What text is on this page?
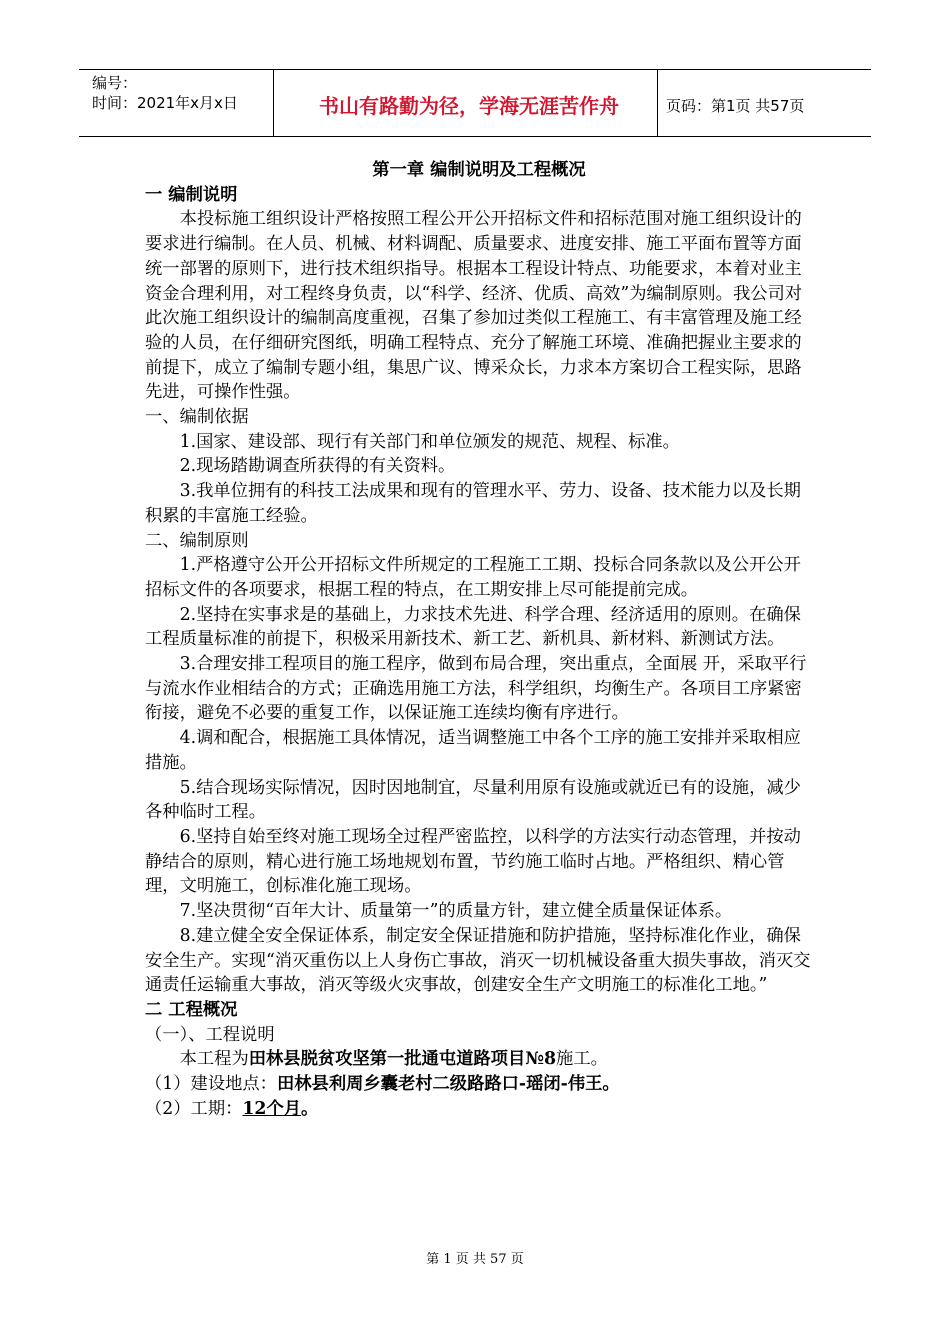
编号：
时间：2021年x月x日	书山有路勤为径，学海无涯苦作舟	页码：第1页 共57页

第一章 编制说明及工程概况

一 编制说明

本投标施工组织设计严格按照工程公开公开招标文件和招标范围对施工组织设计的要求进行编制。在人员、机械、材料调配、质量要求、进度安排、施工平面布置等方面统一部署的原则下，进行技术组织指导。根据本工程设计特点、功能要求，本着对业主资金合理利用，对工程终身负责，以“科学、经济、优质、高效”为编制原则。我公司对此次施工组织设计的编制高度重视，召集了参加过类似工程施工、有丰富管理及施工经验的人员，在仔细研究图纸，明确工程特点、充分了解施工环境、准确把握业主要求的前提下，成立了编制专题小组，集思广议、博采众长，力求本方案切合工程实际，思路先进，可操作性强。

一、编制依据

1.国家、建设部、现行有关部门和单位颁发的规范、规程、标准。

2.现场踏勘调查所获得的有关资料。

3.我单位拥有的科技工法成果和现有的管理水平、劳力、设备、技术能力以及长期积累的丰富施工经验。

二、编制原则

1.严格遵守公开公开招标文件所规定的工程施工工期、投标合同条款以及公开公开招标文件的各项要求，根据工程的特点，在工期安排上尽可能提前完成。

2.坚持在实事求是的基础上，力求技术先进、科学合理、经济适用的原则。在确保工程质量标准的前提下，积极采用新技术、新工艺、新机具、新材料、新测试方法。

3.合理安排工程项目的施工程序，做到布局合理，突出重点，全面展 开，采取平行与流水作业相结合的方式；正确选用施工方法，科学组织，均衡生产。各项目工序紧密衔接，避免不必要的重复工作，以保证施工连续均衡有序进行。

4.调和配合，根据施工具体情况，适当调整施工中各个工序的施工安排并采取相应措施。

5.结合现场实际情况，因时因地制宜，尽量利用原有设施或就近已有的设施，减少各种临时工程。

6.坚持自始至终对施工现场全过程严密监控，以科学的方法实行动态管理，并按动静结合的原则，精心进行施工场地规划布置，节约施工临时占地。严格组织、精心管理，文明施工，创标准化施工现场。

7.坚决贯彻“百年大计、质量第一”的质量方针，建立健全质量保证体系。

8.建立健全安全保证体系，制定安全保证措施和防护措施，坚持标准化作业，确保安全生产。实现“消灭重伤以上人身伤亡事故，消灭一切机械设备重大损失事故，消灭交通责任运输重大事故，消灭等级火灾事故，创建安全生产文明施工的标准化工地。”

二 工程概况

（一）、工程说明

本工程为田林县脱贫攻坚第一批通屯道路项目№8施工。

（1）建设地点：田林县利周乡囊老村二级路路口-瑶闭-伟王。

（2）工期：12个月。

第 1 页 共 57 页
